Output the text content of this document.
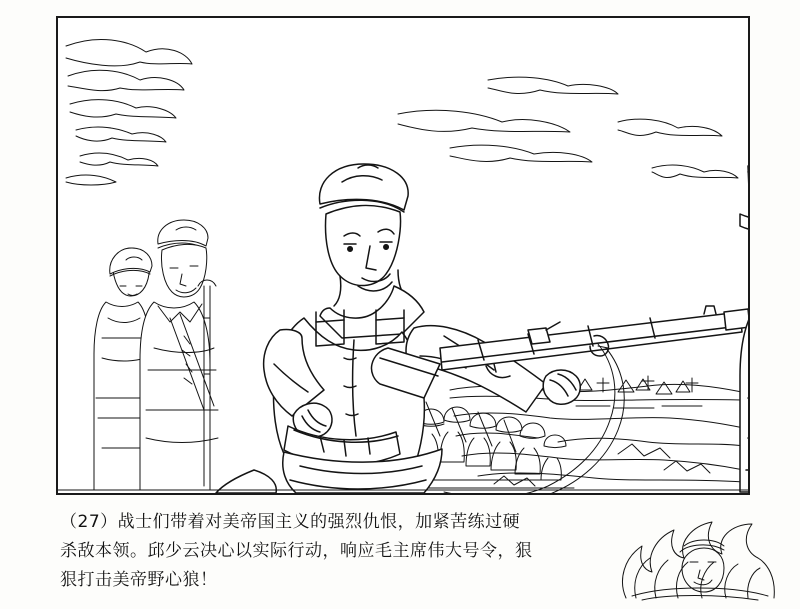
（27）战士们带着对美帝国主义的强烈仇恨，加紧苦练过硬
杀敌本领。邱少云决心以实际行动，响应毛主席伟大号令，狠
狠打击美帝野心狼！
